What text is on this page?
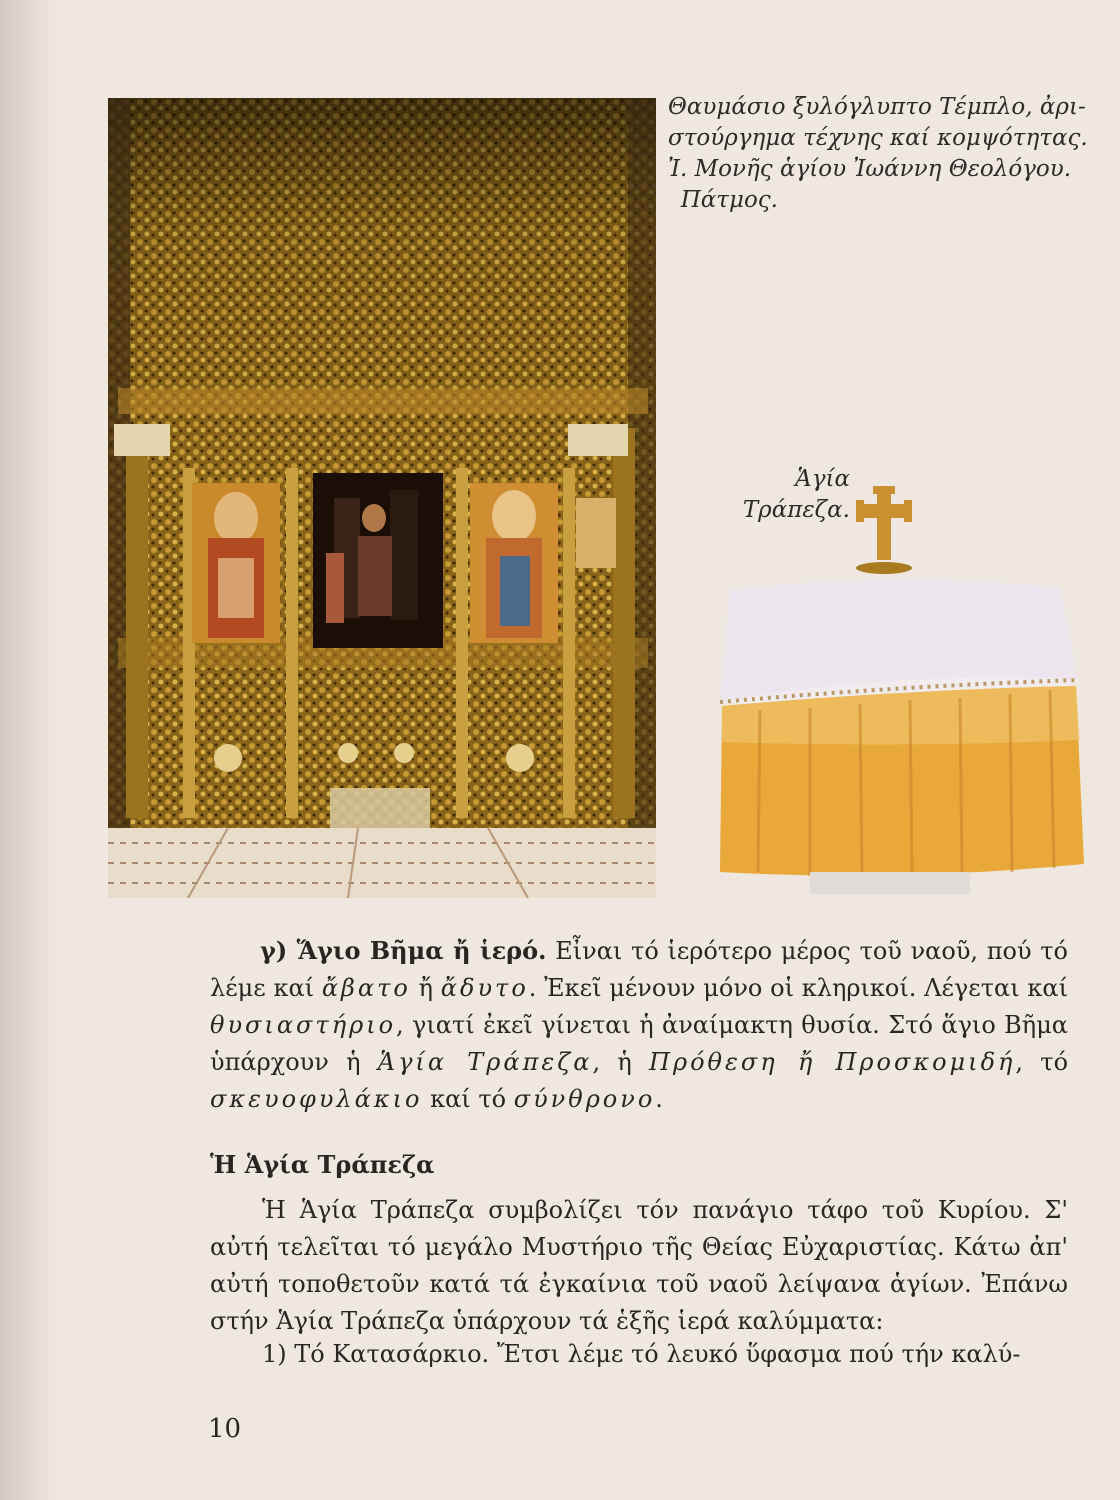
Θαυμάσιο ξυλόγλυπτο Τέμπλο, ἀρι-
στούργημα τέχνης καί κομψότητας.
Ἰ. Μονῆς ἁγίου Ἰωάννη Θεολόγου.
Πάτμος.
Ἁγία Τράπεζα.
γ) Ἅγιο Βῆμα ἤ ἱερό. Εἶναι τό ἱερότερο μέρος τοῦ ναοῦ, πού τό λέμε καί ἄβατο ἤ ἄδυτο. Ἐκεῖ μένουν μόνο οἱ κληρικοί. Λέγεται καί θυσιαστήριο, γιατί ἐκεῖ γίνεται ἡ ἀναίμακτη θυσία. Στό ἅγιο Βῆμα ὑπάρχουν ἡ Ἁγία Τράπεζα, ἡ Πρόθεση ἤ Προσκομιδή, τό σκευοφυλάκιο καί τό σύνθρονο.
Ἡ Ἁγία Τράπεζα
Ἡ Ἁγία Τράπεζα συμβολίζει τόν πανάγιο τάφο τοῦ Κυρίου. Σ' αὐτή τελεῖται τό μεγάλο Μυστήριο τῆς Θείας Εὐχαριστίας. Κάτω ἀπ' αὐτή τοποθετοῦν κατά τά ἐγκαίνια τοῦ ναοῦ λείψανα ἁγίων. Ἐπάνω στήν Ἁγία Τράπεζα ὑπάρχουν τά ἑξῆς ἱερά καλύμματα:
1) Τό Κατασάρκιο. Ἔτσι λέμε τό λευκό ὕφασμα πού τήν καλύ-
10
